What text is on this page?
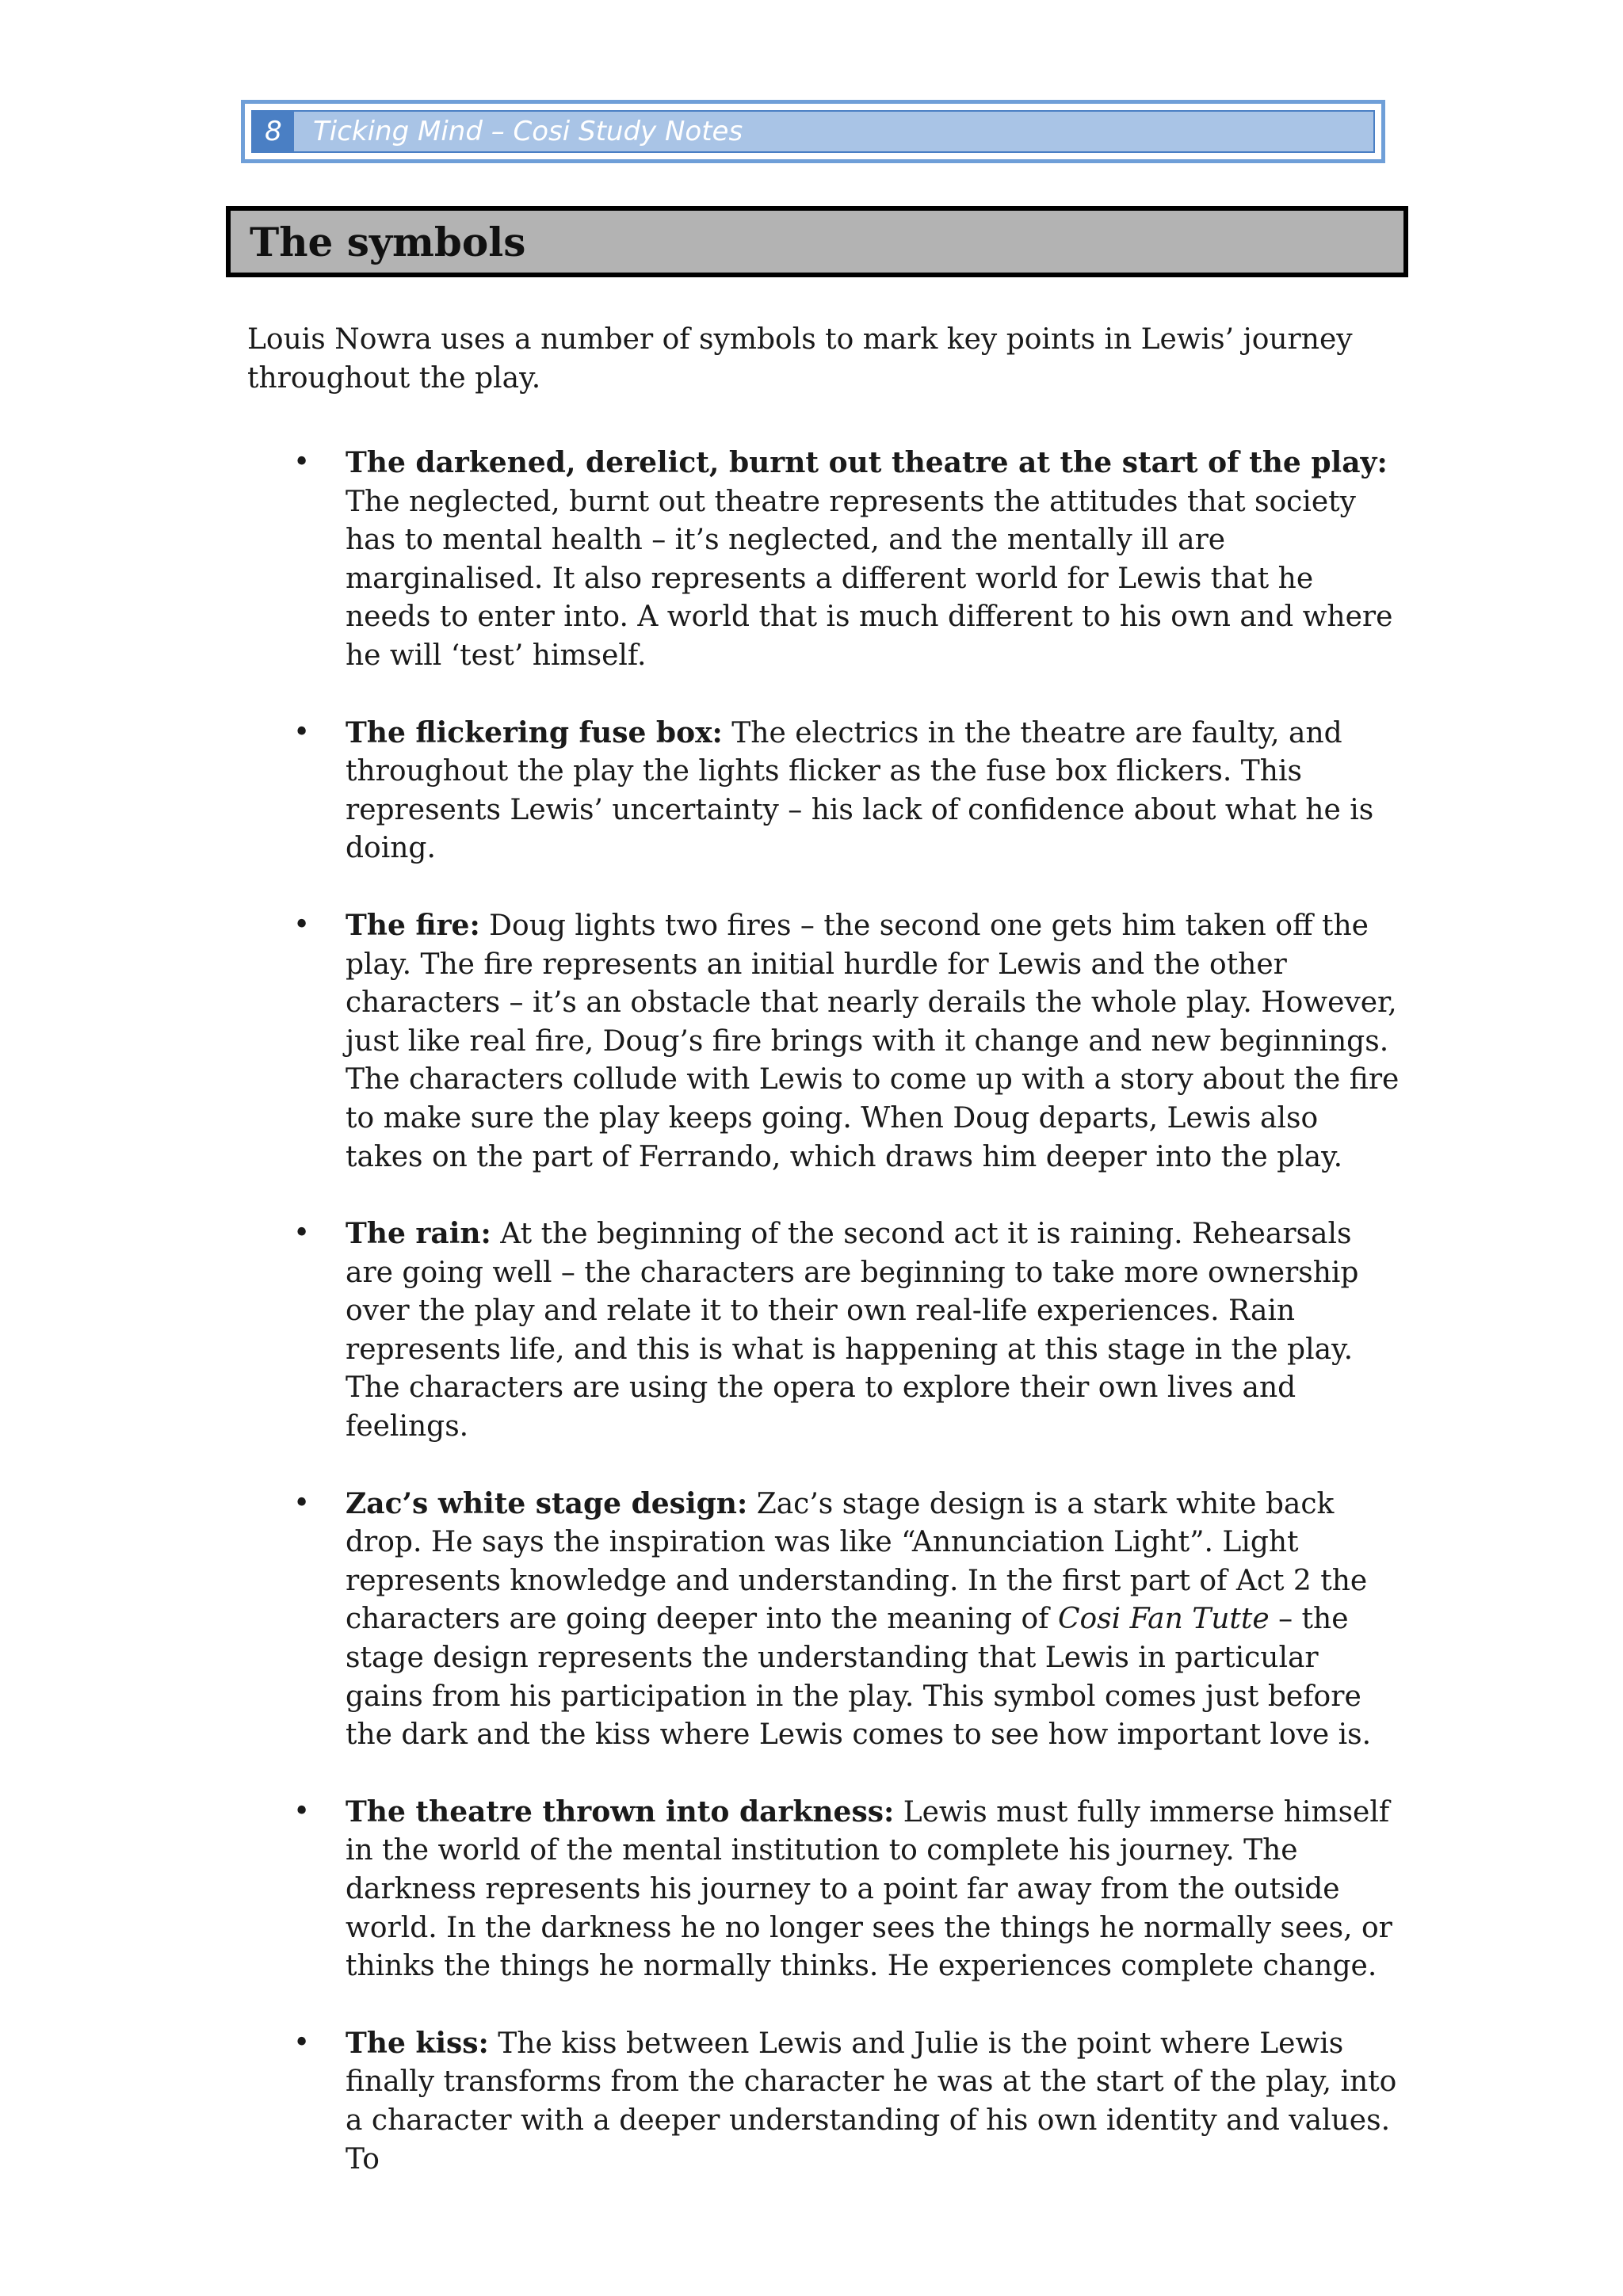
8	Ticking Mind – Cosi Study Notes
The symbols

Louis Nowra uses a number of symbols to mark key points in Lewis’ journey throughout the play.

• The darkened, derelict, burnt out theatre at the start of the play: The neglected, burnt out theatre represents the attitudes that society has to mental health – it’s neglected, and the mentally ill are marginalised. It also represents a different world for Lewis that he needs to enter into. A world that is much different to his own and where he will ‘test’ himself.
• The flickering fuse box: The electrics in the theatre are faulty, and throughout the play the lights flicker as the fuse box flickers. This represents Lewis’ uncertainty – his lack of confidence about what he is doing.
• The fire: Doug lights two fires – the second one gets him taken off the play. The fire represents an initial hurdle for Lewis and the other characters – it’s an obstacle that nearly derails the whole play. However, just like real fire, Doug’s fire brings with it change and new beginnings. The characters collude with Lewis to come up with a story about the fire to make sure the play keeps going. When Doug departs, Lewis also takes on the part of Ferrando, which draws him deeper into the play.
• The rain: At the beginning of the second act it is raining. Rehearsals are going well – the characters are beginning to take more ownership over the play and relate it to their own real-life experiences. Rain represents life, and this is what is happening at this stage in the play. The characters are using the opera to explore their own lives and feelings.
• Zac’s white stage design: Zac’s stage design is a stark white back drop. He says the inspiration was like “Annunciation Light”. Light represents knowledge and understanding. In the first part of Act 2 the characters are going deeper into the meaning of Cosi Fan Tutte – the stage design represents the understanding that Lewis in particular gains from his participation in the play. This symbol comes just before the dark and the kiss where Lewis comes to see how important love is.
• The theatre thrown into darkness: Lewis must fully immerse himself in the world of the mental institution to complete his journey. The darkness represents his journey to a point far away from the outside world. In the darkness he no longer sees the things he normally sees, or thinks the things he normally thinks. He experiences complete change.
• The kiss: The kiss between Lewis and Julie is the point where Lewis finally transforms from the character he was at the start of the play, into a character with a deeper understanding of his own identity and values. To
